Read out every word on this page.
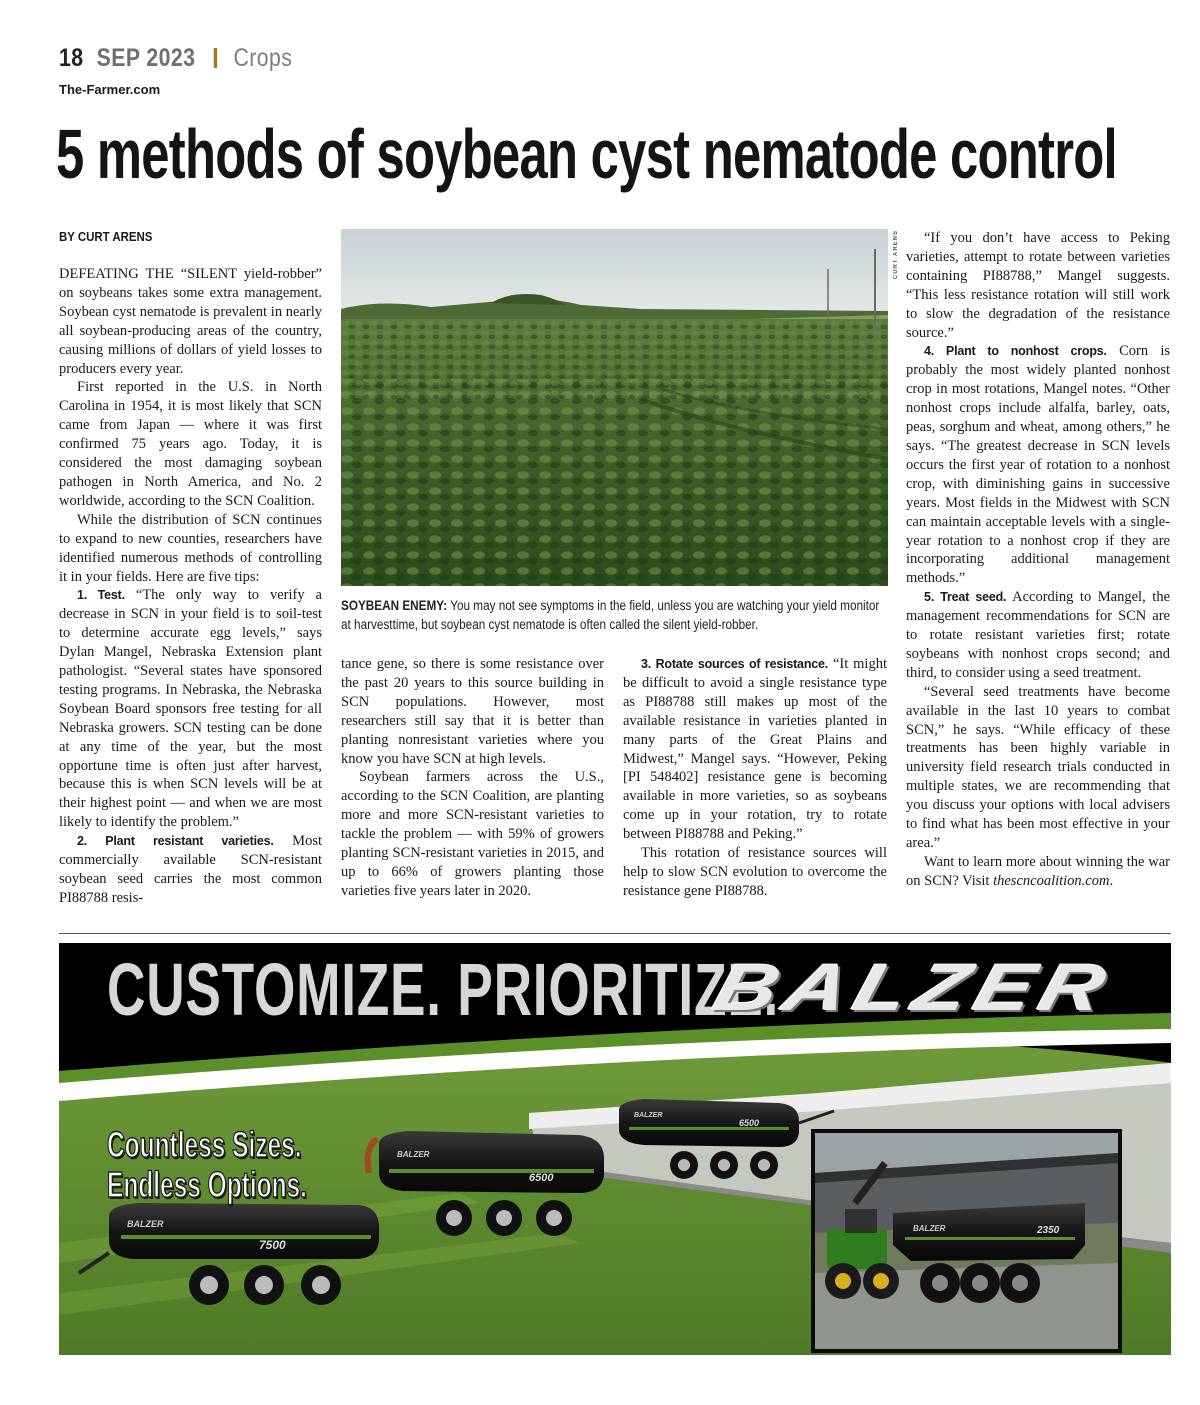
18 SEP 2023 Crops
The-Farmer.com
5 methods of soybean cyst nematode control
BY CURT ARENS

DEFEATING THE “SILENT yield-robber” on soybeans takes some extra management. Soybean cyst nematode is prevalent in nearly all soybean-producing areas of the country, causing millions of dollars of yield losses to producers every year.

First reported in the U.S. in North Carolina in 1954, it is most likely that SCN came from Japan — where it was first confirmed 75 years ago. Today, it is considered the most damaging soybean pathogen in North America, and No. 2 worldwide, according to the SCN Coalition.

While the distribution of SCN continues to expand to new counties, researchers have identified numerous methods of controlling it in your fields. Here are five tips:

1. Test. “The only way to verify a decrease in SCN in your field is to soil-test to determine accurate egg levels,” says Dylan Mangel, Nebraska Extension plant pathologist. “Several states have sponsored testing programs. In Nebraska, the Nebraska Soybean Board sponsors free testing for all Nebraska growers. SCN testing can be done at any time of the year, but the most opportune time is often just after harvest, because this is when SCN levels will be at their highest point — and when we are most likely to identify the problem.”

2. Plant resistant varieties. Most commercially available SCN-resistant soybean seed carries the most common PI88788 resis-

CURT ARENS
SOYBEAN ENEMY: You may not see symptoms in the field, unless you are watching your yield monitor at harvesttime, but soybean cyst nematode is often called the silent yield-robber.

tance gene, so there is some resistance over the past 20 years to this source building in SCN populations. However, most researchers still say that it is better than planting nonresistant varieties where you know you have SCN at high levels.

Soybean farmers across the U.S., according to the SCN Coalition, are planting more and more SCN-resistant varieties to tackle the problem — with 59% of growers planting SCN-resistant varieties in 2015, and up to 66% of growers planting those varieties five years later in 2020.

3. Rotate sources of resistance. “It might be difficult to avoid a single resistance type as PI88788 still makes up most of the available resistance in varieties planted in many parts of the Great Plains and Midwest,” Mangel says. “However, Peking [PI 548402] resistance gene is becoming available in more varieties, so as soybeans come up in your rotation, try to rotate between PI88788 and Peking.”

This rotation of resistance sources will help to slow SCN evolution to overcome the resistance gene PI88788.

“If you don’t have access to Peking varieties, attempt to rotate between varieties containing PI88788,” Mangel suggests. “This less resistance rotation will still work to slow the degradation of the resistance source.”

4. Plant to nonhost crops. Corn is probably the most widely planted nonhost crop in most rotations, Mangel notes. “Other nonhost crops include alfalfa, barley, oats, peas, sorghum and wheat, among others,” he says. “The greatest decrease in SCN levels occurs the first year of rotation to a nonhost crop, with diminishing gains in successive years. Most fields in the Midwest with SCN can maintain acceptable levels with a single-year rotation to a nonhost crop if they are incorporating additional management methods.”

5. Treat seed. According to Mangel, the management recommendations for SCN are to rotate resistant varieties first; rotate soybeans with nonhost crops second; and third, to consider using a seed treatment.

“Several seed treatments have become available in the last 10 years to combat SCN,” he says. “While efficacy of these treatments has been highly variable in university field research trials conducted in multiple states, we are recommending that you discuss your options with local advisers to find what has been most effective in your area.”

Want to learn more about winning the war on SCN? Visit thescncoalition.com.

7500
6500
6500
BALZER
BALZER
BALZER
CUSTOMIZE. PRIORITIZE.
BALZER
Countless Sizes.
Endless Options.
2350
BALZER
